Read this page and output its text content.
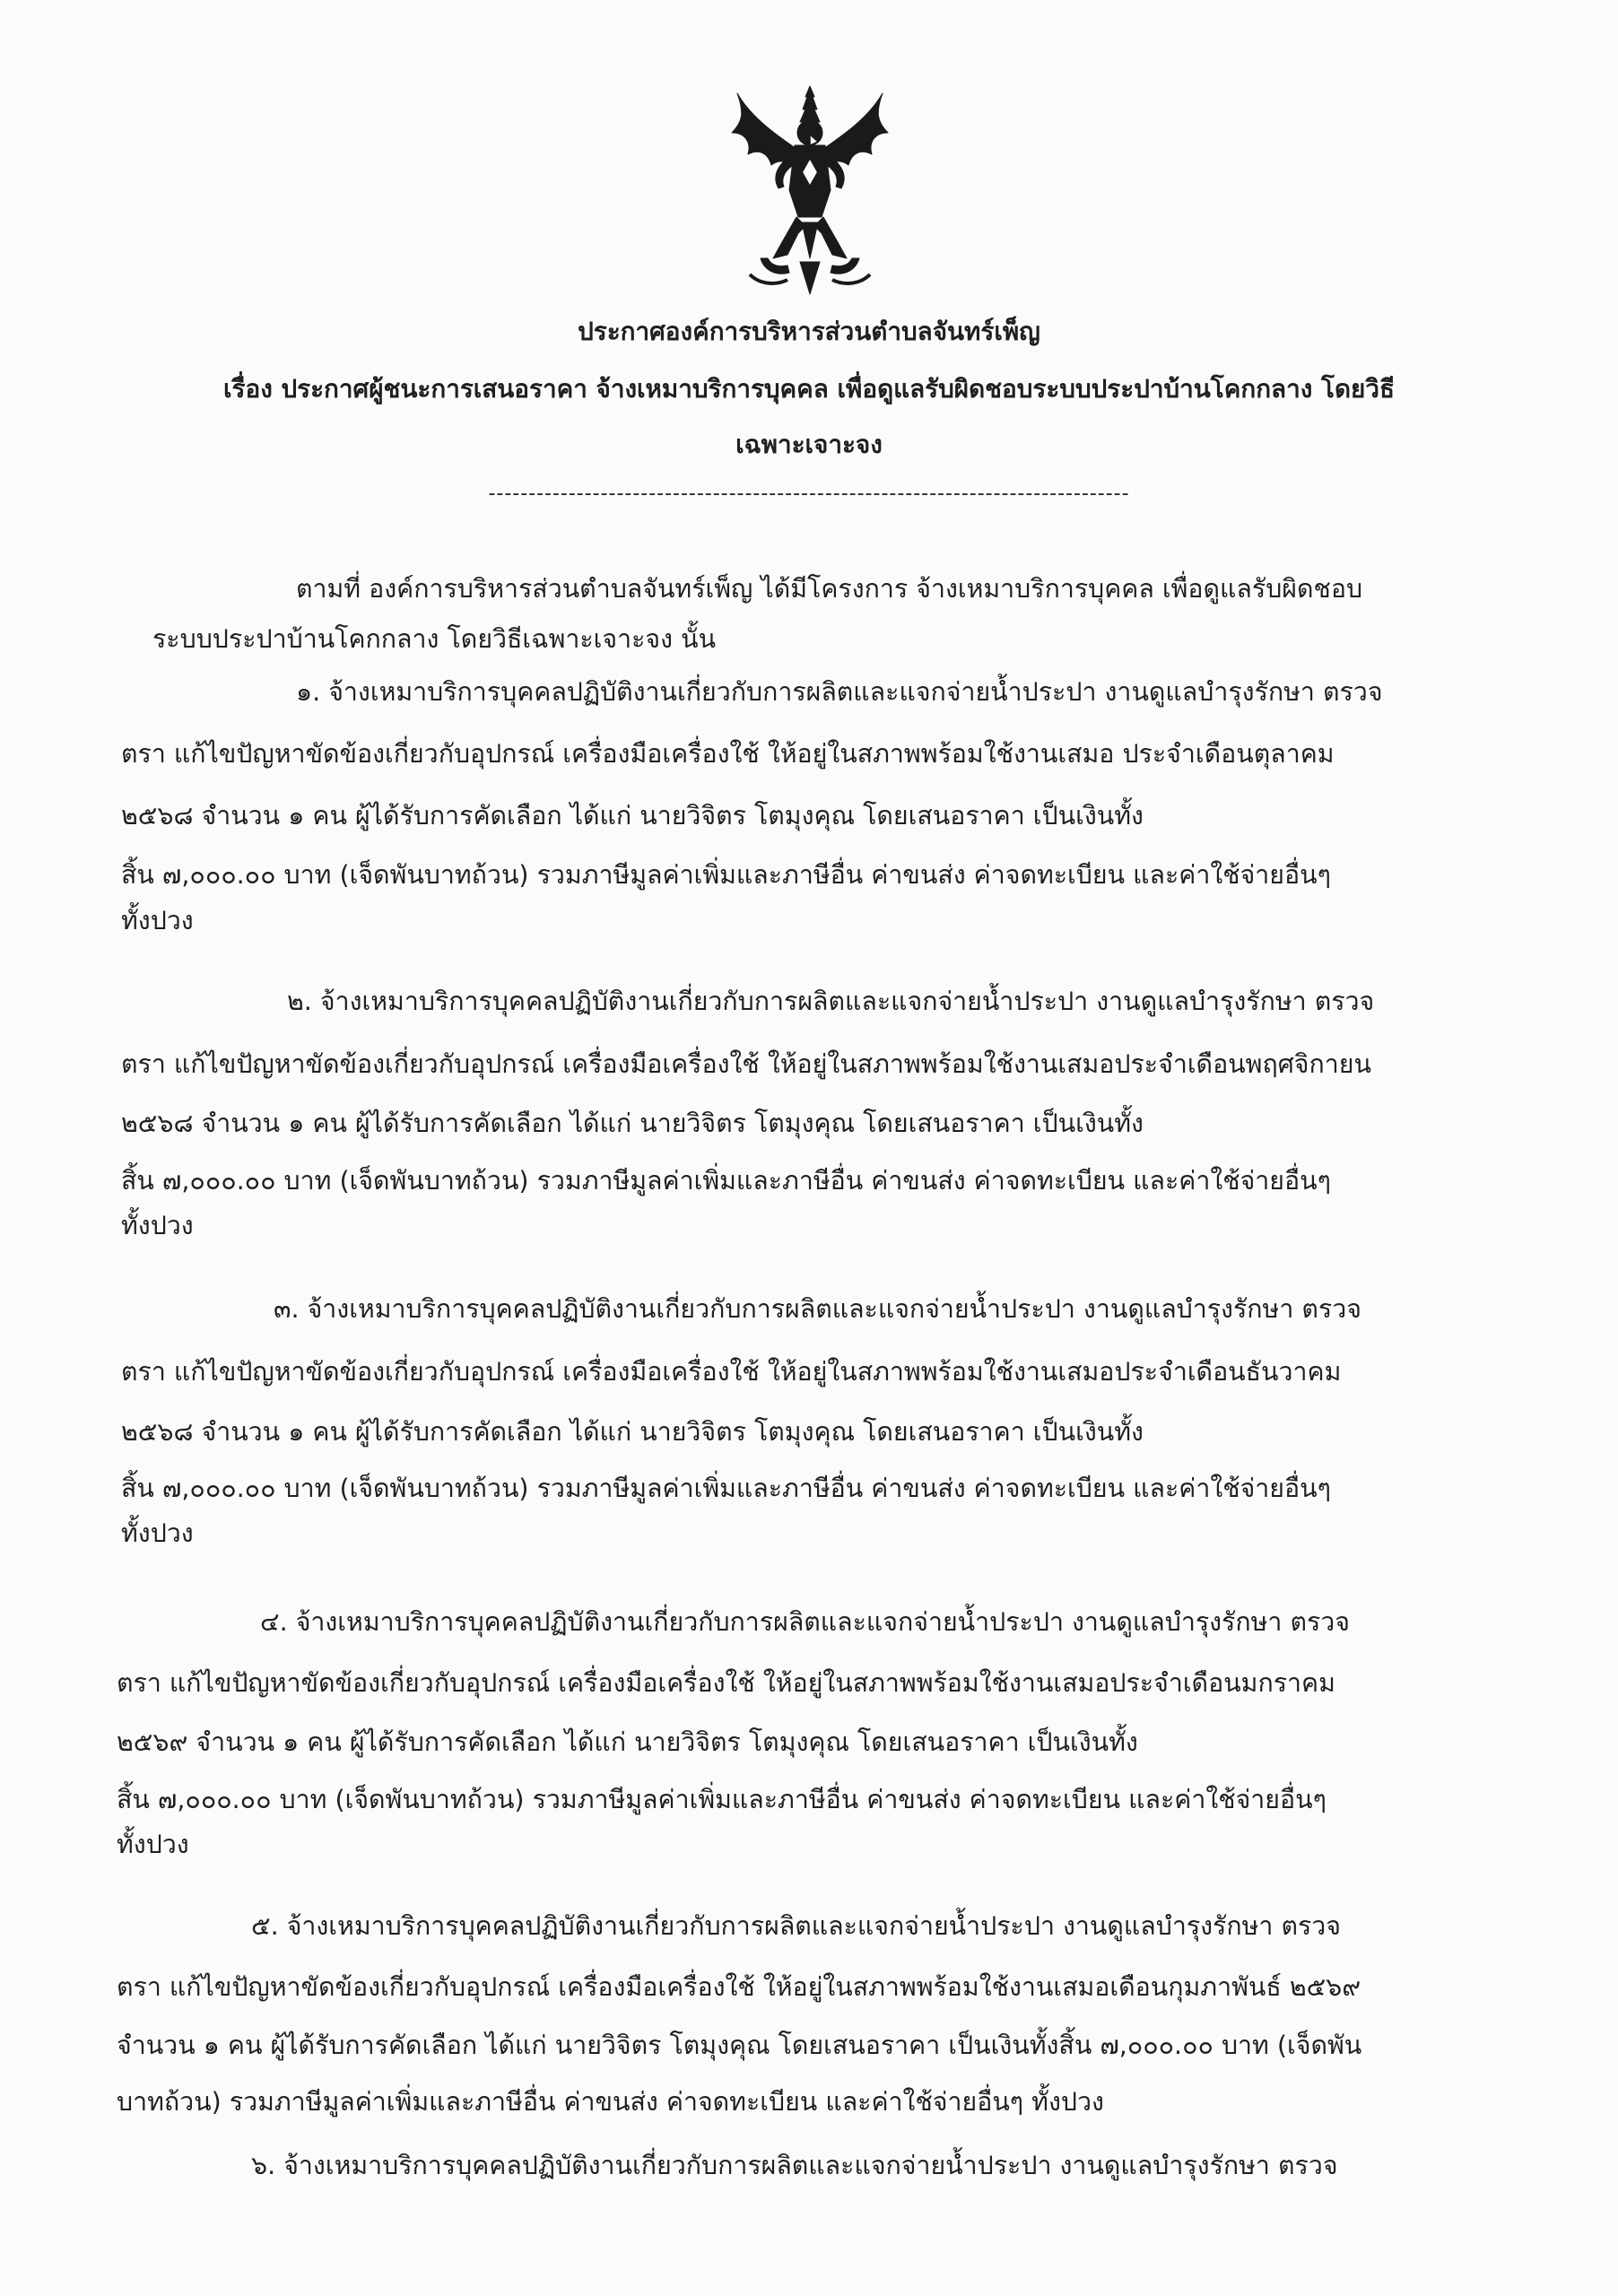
ประกาศองค์การบริหารส่วนตำบลจันทร์เพ็ญ
เรื่อง ประกาศผู้ชนะการเสนอราคา จ้างเหมาบริการบุคคล เพื่อดูแลรับผิดชอบระบบประปาบ้านโคกกลาง โดยวิธี
เฉพาะเจาะจง
--------------------------------------------------------------------------------
ตามที่ องค์การบริหารส่วนตำบลจันทร์เพ็ญ ได้มีโครงการ จ้างเหมาบริการบุคคล เพื่อดูแลรับผิดชอบ
ระบบประปาบ้านโคกกลาง โดยวิธีเฉพาะเจาะจง นั้น
๑. จ้างเหมาบริการบุคคลปฏิบัติงานเกี่ยวกับการผลิตและแจกจ่ายน้ำประปา งานดูแลบำรุงรักษา ตรวจ
ตรา แก้ไขปัญหาขัดข้องเกี่ยวกับอุปกรณ์ เครื่องมือเครื่องใช้ ให้อยู่ในสภาพพร้อมใช้งานเสมอ ประจำเดือนตุลาคม
๒๕๖๘ จำนวน ๑ คน ผู้ได้รับการคัดเลือก ได้แก่ นายวิจิตร โตมุงคุณ โดยเสนอราคา เป็นเงินทั้ง
สิ้น ๗,๐๐๐.๐๐ บาท (เจ็ดพันบาทถ้วน) รวมภาษีมูลค่าเพิ่มและภาษีอื่น ค่าขนส่ง ค่าจดทะเบียน และค่าใช้จ่ายอื่นๆ
ทั้งปวง
๒. จ้างเหมาบริการบุคคลปฏิบัติงานเกี่ยวกับการผลิตและแจกจ่ายน้ำประปา งานดูแลบำรุงรักษา ตรวจ
ตรา แก้ไขปัญหาขัดข้องเกี่ยวกับอุปกรณ์ เครื่องมือเครื่องใช้ ให้อยู่ในสภาพพร้อมใช้งานเสมอประจำเดือนพฤศจิกายน
๒๕๖๘ จำนวน ๑ คน ผู้ได้รับการคัดเลือก ได้แก่ นายวิจิตร โตมุงคุณ โดยเสนอราคา เป็นเงินทั้ง
สิ้น ๗,๐๐๐.๐๐ บาท (เจ็ดพันบาทถ้วน) รวมภาษีมูลค่าเพิ่มและภาษีอื่น ค่าขนส่ง ค่าจดทะเบียน และค่าใช้จ่ายอื่นๆ
ทั้งปวง
๓. จ้างเหมาบริการบุคคลปฏิบัติงานเกี่ยวกับการผลิตและแจกจ่ายน้ำประปา งานดูแลบำรุงรักษา ตรวจ
ตรา แก้ไขปัญหาขัดข้องเกี่ยวกับอุปกรณ์ เครื่องมือเครื่องใช้ ให้อยู่ในสภาพพร้อมใช้งานเสมอประจำเดือนธันวาคม
๒๕๖๘ จำนวน ๑ คน ผู้ได้รับการคัดเลือก ได้แก่ นายวิจิตร โตมุงคุณ โดยเสนอราคา เป็นเงินทั้ง
สิ้น ๗,๐๐๐.๐๐ บาท (เจ็ดพันบาทถ้วน) รวมภาษีมูลค่าเพิ่มและภาษีอื่น ค่าขนส่ง ค่าจดทะเบียน และค่าใช้จ่ายอื่นๆ
ทั้งปวง
๔. จ้างเหมาบริการบุคคลปฏิบัติงานเกี่ยวกับการผลิตและแจกจ่ายน้ำประปา งานดูแลบำรุงรักษา ตรวจ
ตรา แก้ไขปัญหาขัดข้องเกี่ยวกับอุปกรณ์ เครื่องมือเครื่องใช้ ให้อยู่ในสภาพพร้อมใช้งานเสมอประจำเดือนมกราคม
๒๕๖๙ จำนวน ๑ คน ผู้ได้รับการคัดเลือก ได้แก่ นายวิจิตร โตมุงคุณ โดยเสนอราคา เป็นเงินทั้ง
สิ้น ๗,๐๐๐.๐๐ บาท (เจ็ดพันบาทถ้วน) รวมภาษีมูลค่าเพิ่มและภาษีอื่น ค่าขนส่ง ค่าจดทะเบียน และค่าใช้จ่ายอื่นๆ
ทั้งปวง
๕. จ้างเหมาบริการบุคคลปฏิบัติงานเกี่ยวกับการผลิตและแจกจ่ายน้ำประปา งานดูแลบำรุงรักษา ตรวจ
ตรา แก้ไขปัญหาขัดข้องเกี่ยวกับอุปกรณ์ เครื่องมือเครื่องใช้ ให้อยู่ในสภาพพร้อมใช้งานเสมอเดือนกุมภาพันธ์ ๒๕๖๙
จำนวน ๑ คน ผู้ได้รับการคัดเลือก ได้แก่ นายวิจิตร โตมุงคุณ โดยเสนอราคา เป็นเงินทั้งสิ้น ๗,๐๐๐.๐๐ บาท (เจ็ดพัน
บาทถ้วน) รวมภาษีมูลค่าเพิ่มและภาษีอื่น ค่าขนส่ง ค่าจดทะเบียน และค่าใช้จ่ายอื่นๆ ทั้งปวง
๖. จ้างเหมาบริการบุคคลปฏิบัติงานเกี่ยวกับการผลิตและแจกจ่ายน้ำประปา งานดูแลบำรุงรักษา ตรวจ
